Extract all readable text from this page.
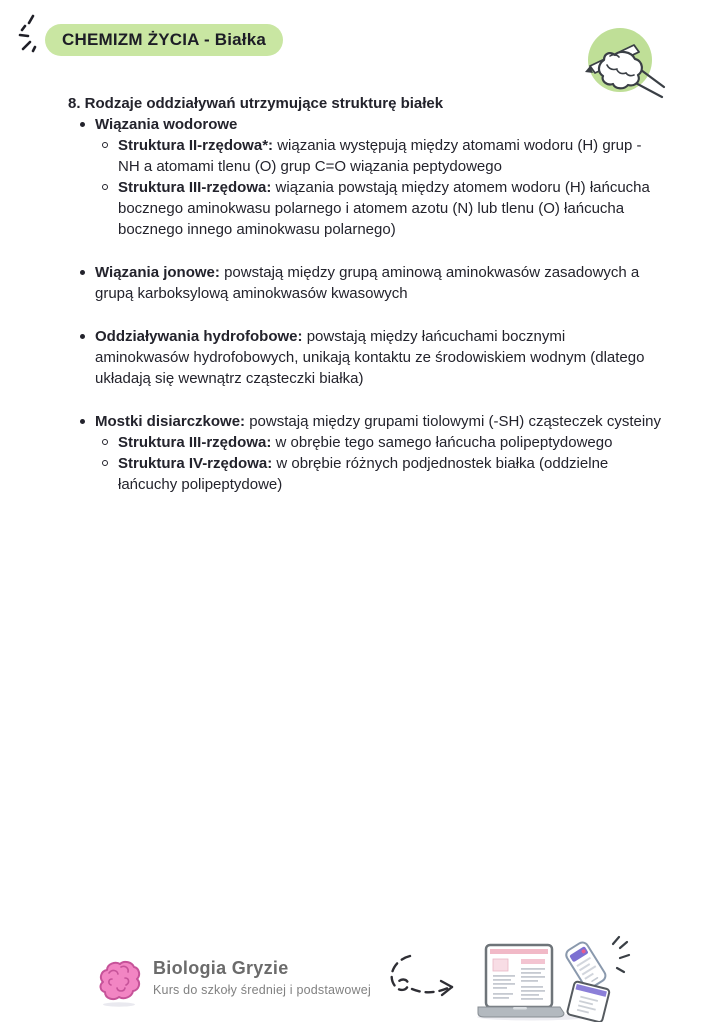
CHEMIZM ŻYCIA - Białka
8. Rodzaje oddziaływań utrzymujące strukturę białek
Wiązania wodorowe
Struktura II-rzędowa*: wiązania występują między atomami wodoru (H) grup -NH a atomami tlenu (O) grup C=O wiązania peptydowego
Struktura III-rzędowa: wiązania powstają między atomem wodoru (H) łańcucha bocznego aminokwasu polarnego i atomem azotu (N) lub tlenu (O) łańcucha bocznego innego aminokwasu polarnego)
Wiązania jonowe: powstają między grupą aminową aminokwasów zasadowych a grupą karboksylową aminokwasów kwasowych
Oddziaływania hydrofobowe: powstają między łańcuchami bocznymi aminokwasów hydrofobowych, unikają kontaktu ze środowiskiem wodnym (dlatego układają się wewnątrz cząsteczki białka)
Mostki disiarczkowe: powstają między grupami tiolowymi (-SH) cząsteczek cysteiny
Struktura III-rzędowa: w obrębie tego samego łańcucha polipeptydowego
Struktura IV-rzędowa: w obrębie różnych podjednostek białka (oddzielne łańcuchy polipeptydowe)
Biologia Gryzie
Kurs do szkoły średniej i podstawowej
